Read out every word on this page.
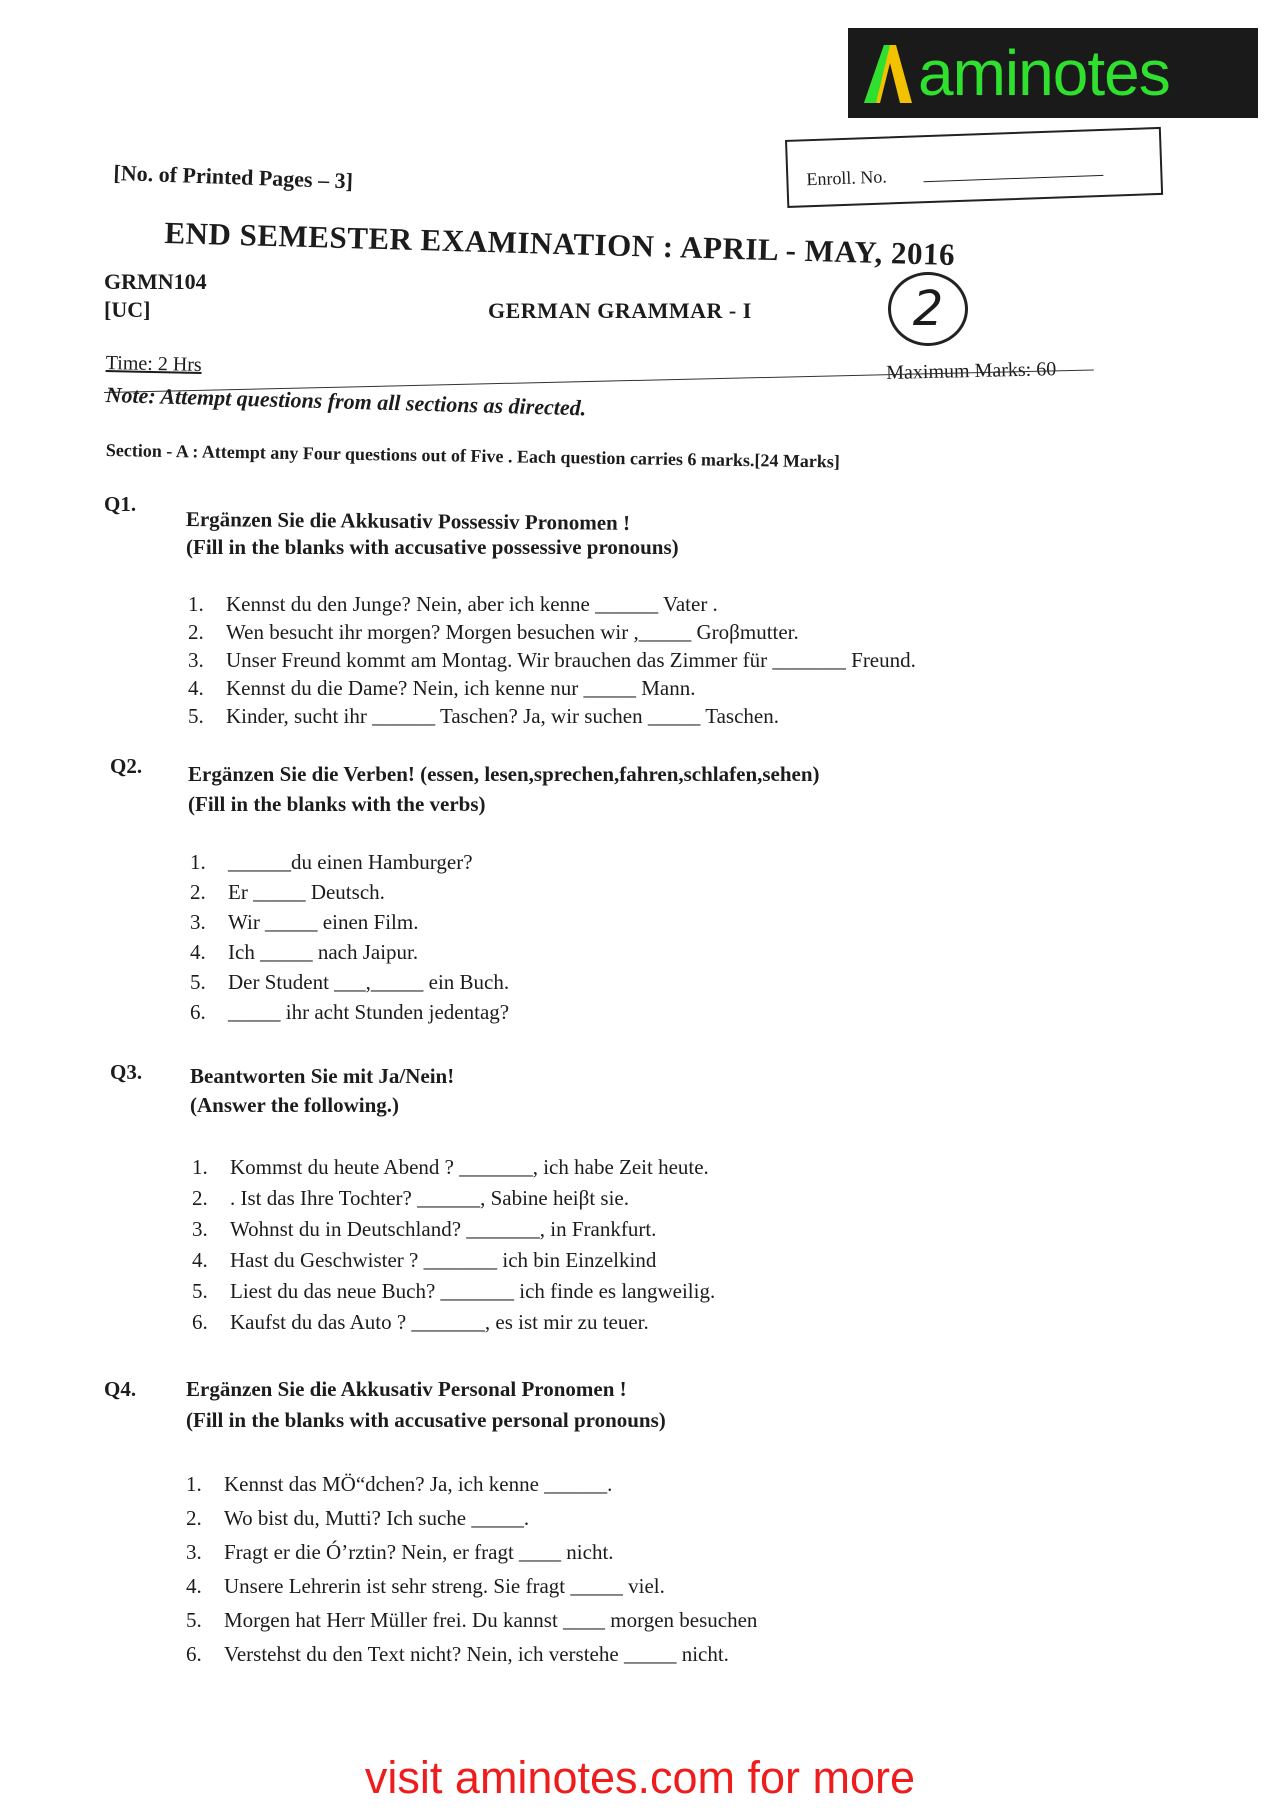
aminotes
[No. of Printed Pages – 3]	Enroll. No.
END SEMESTER EXAMINATION : APRIL - MAY, 2016
GRMN104
[UC]	GERMAN GRAMMAR - I	2
Time: 2 Hrs	Maximum Marks: 60
Note: Attempt questions from all sections as directed.
Section - A : Attempt any Four questions out of Five . Each question carries 6 marks.[24 Marks]
Q1.
Ergänzen Sie die Akkusativ Possessiv Pronomen !
(Fill in the blanks with accusative possessive pronouns)
1. Kennst du den Junge? Nein, aber ich kenne ______ Vater .
2. Wen besucht ihr morgen? Morgen besuchen wir ,_____ Groβmutter.
3. Unser Freund kommt am Montag. Wir brauchen das Zimmer für _______ Freund.
4. Kennst du die Dame? Nein, ich kenne nur _____ Mann.
5. Kinder, sucht ihr ______ Taschen? Ja, wir suchen _____ Taschen.
Q2. Ergänzen Sie die Verben! (essen, lesen,sprechen,fahren,schlafen,sehen)
(Fill in the blanks with the verbs)
1. ______du einen Hamburger?
2. Er _____ Deutsch.
3. Wir _____ einen Film.
4. Ich _____ nach Jaipur.
5. Der Student ___,_____ ein Buch.
6. _____ ihr acht Stunden jedentag?
Q3. Beantworten Sie mit Ja/Nein!
(Answer the following.)
1. Kommst du heute Abend ? _______, ich habe Zeit heute.
2. . Ist das Ihre Tochter? ______, Sabine heiβt sie.
3. Wohnst du in Deutschland? _______, in Frankfurt.
4. Hast du Geschwister ? _______ ich bin Einzelkind
5. Liest du das neue Buch? _______ ich finde es langweilig.
6. Kaufst du das Auto ? _______, es ist mir zu teuer.
Q4. Ergänzen Sie die Akkusativ Personal Pronomen !
(Fill in the blanks with accusative personal pronouns)
1. Kennst das MÖ“dchen? Ja, ich kenne ______.
2. Wo bist du, Mutti? Ich suche _____.
3. Fragt er die Ó’rztin? Nein, er fragt ____ nicht.
4. Unsere Lehrerin ist sehr streng. Sie fragt _____ viel.
5. Morgen hat Herr Müller frei. Du kannst ____ morgen besuchen
6. Verstehst du den Text nicht? Nein, ich verstehe _____ nicht.
visit aminotes.com for more
